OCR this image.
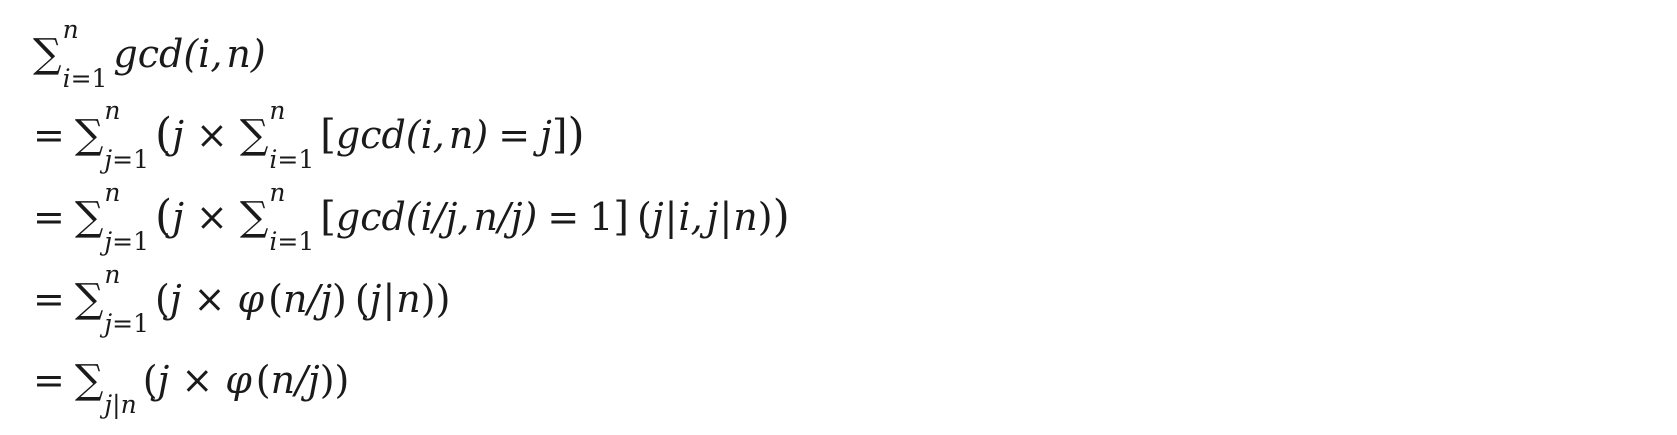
∑
n
i=1
gcd(i, n)
= ∑
n
j=1 ( j × ∑
n
i=1
[ gcd(i, n) = j ] )
= ∑
n
j=1 ( j × ∑
n
i=1
[ gcd(i/j, n/j) = 1 ] ( j | i, j | n ) )
= ∑
n
j=1
( j × φ ( n/j ) ( j | n ))
= ∑
j|n
( j × φ ( n/j ))
